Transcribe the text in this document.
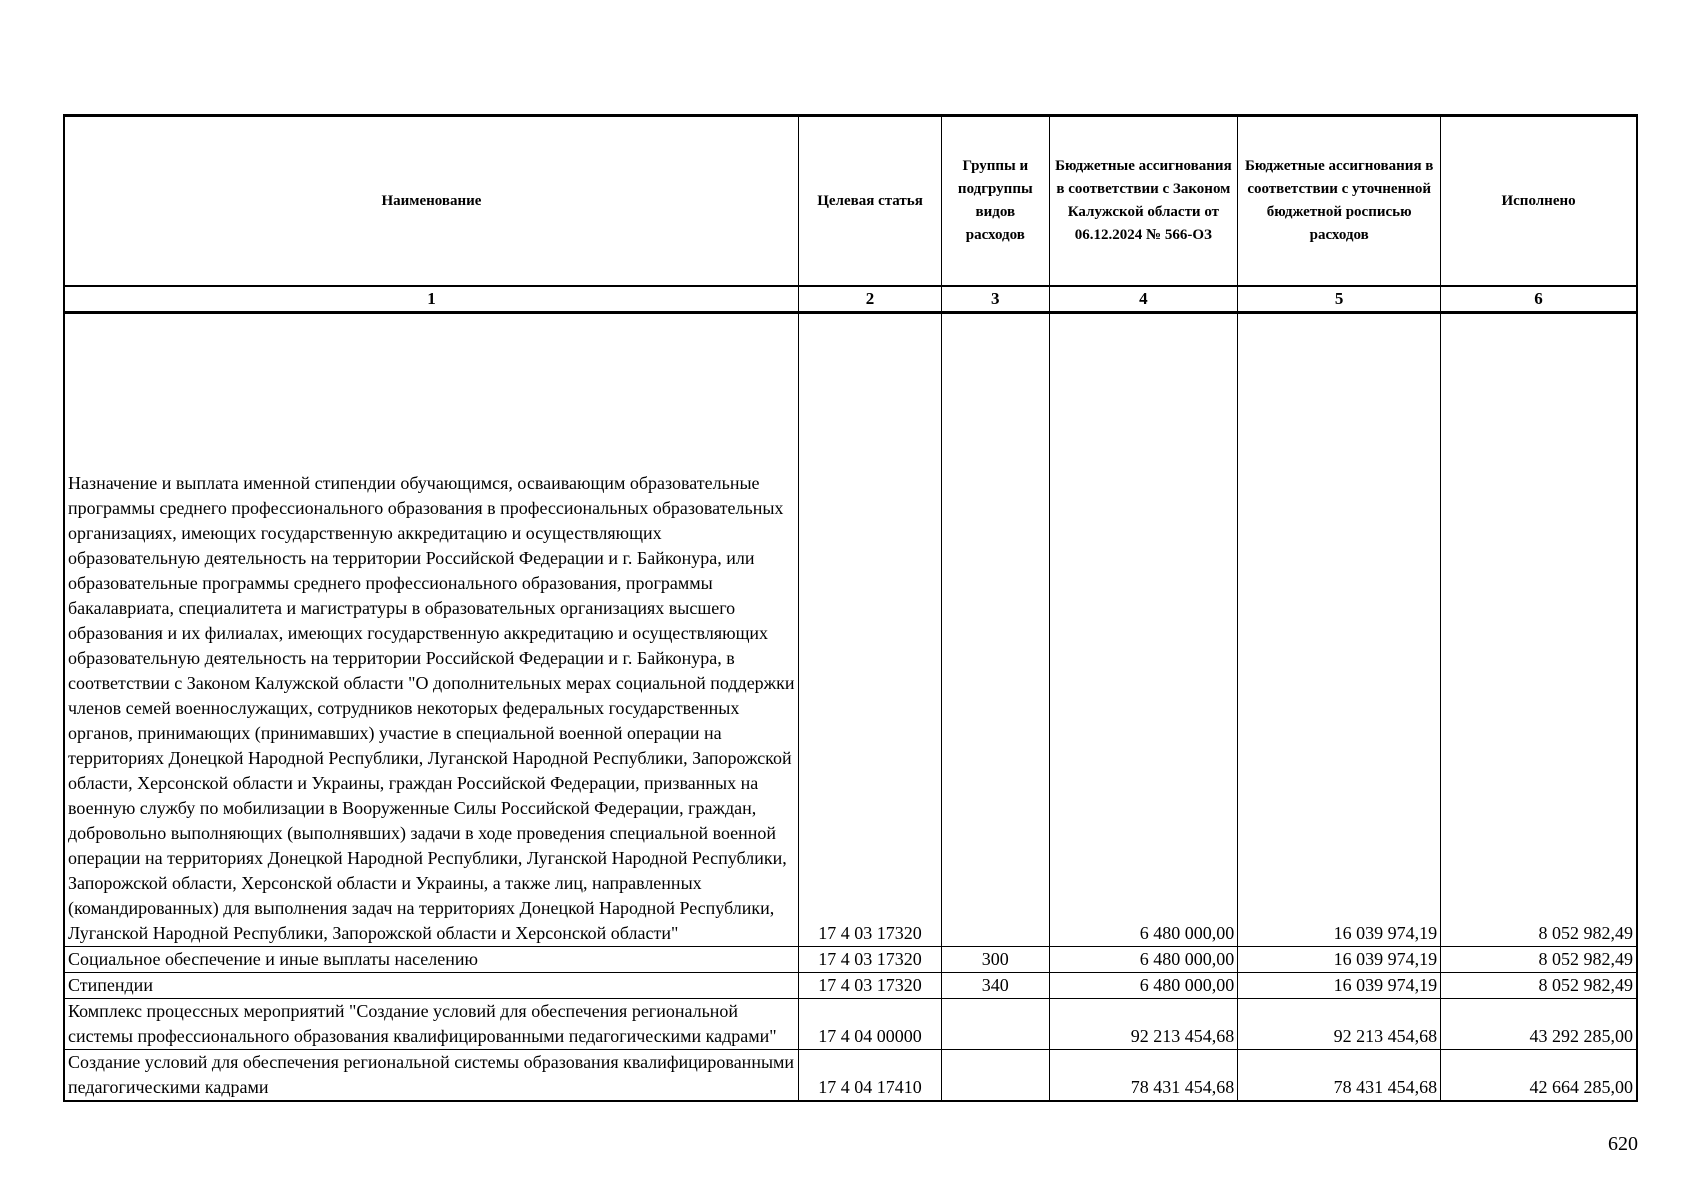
Наименование	Целевая статья	Группы и подгруппы видов расходов	Бюджетные ассигнования в соответствии с Законом Калужской области от 06.12.2024 № 566-ОЗ	Бюджетные ассигнования в соответствии с уточненной бюджетной росписью расходов	Исполнено
1	2	3	4	5	6
Назначение и выплата именной стипендии обучающимся, осваивающим образовательные программы среднего профессионального образования в профессиональных образовательных организациях, имеющих государственную аккредитацию и осуществляющих образовательную деятельность на территории Российской Федерации и г. Байконура, или образовательные программы среднего профессионального образования, программы бакалавриата, специалитета и магистратуры в образовательных организациях высшего образования и их филиалах, имеющих государственную аккредитацию и осуществляющих образовательную деятельность на территории Российской Федерации и г. Байконура, в соответствии с Законом Калужской области "О дополнительных мерах социальной поддержки членов семей военнослужащих, сотрудников некоторых федеральных государственных органов, принимающих (принимавших) участие в специальной военной операции на территориях Донецкой Народной Республики, Луганской Народной Республики, Запорожской области, Херсонской области и Украины, граждан Российской Федерации, призванных на военную службу по мобилизации в Вооруженные Силы Российской Федерации, граждан, добровольно выполняющих (выполнявших) задачи в ходе проведения специальной военной операции на территориях Донецкой Народной Республики, Луганской Народной Республики, Запорожской области, Херсонской области и Украины, а также лиц, направленных (командированных) для выполнения задач на территориях Донецкой Народной Республики, Луганской Народной Республики, Запорожской области и Херсонской области"	17 4 03 17320		6 480 000,00	16 039 974,19	8 052 982,49
Социальное обеспечение и иные выплаты населению	17 4 03 17320	300	6 480 000,00	16 039 974,19	8 052 982,49
Стипендии	17 4 03 17320	340	6 480 000,00	16 039 974,19	8 052 982,49
Комплекс процессных мероприятий "Создание условий для обеспечения региональной системы профессионального образования квалифицированными педагогическими кадрами"	17 4 04 00000		92 213 454,68	92 213 454,68	43 292 285,00
Создание условий для обеспечения региональной системы образования квалифицированными педагогическими кадрами	17 4 04 17410		78 431 454,68	78 431 454,68	42 664 285,00
620
